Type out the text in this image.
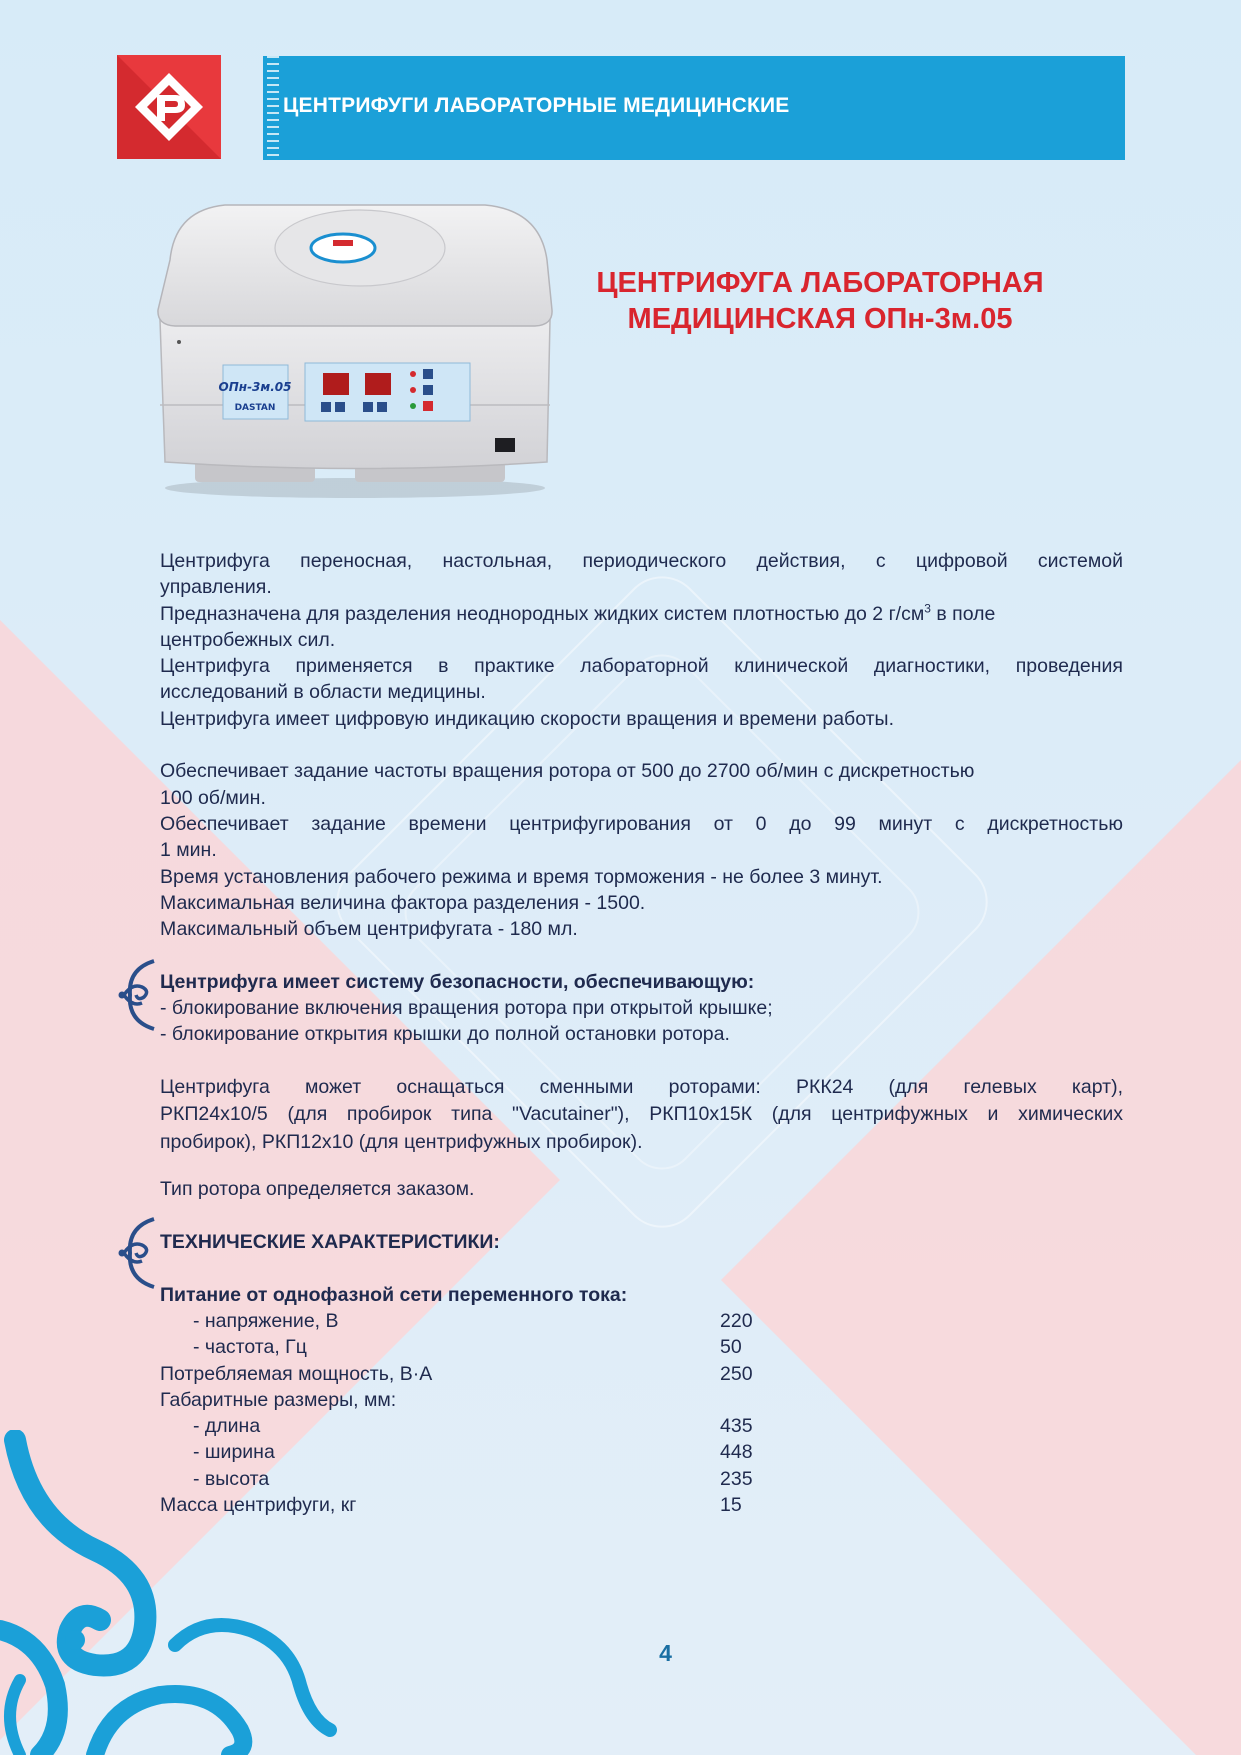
ЦЕНТРИФУГИ ЛАБОРАТОРНЫЕ МЕДИЦИНСКИЕ
ОПн-3м.05
DASTAN
ЦЕНТРИФУГА ЛАБОРАТОРНАЯ
МЕДИЦИНСКАЯ ОПн-3м.05

Центрифуга переносная, настольная, периодического действия, с цифровой системой

управления.

Предназначена для разделения неоднородных жидких систем плотностью до 2 $г/см^3$ в поле

центробежных сил.

Центрифуга применяется в практике лабораторной клинической диагностики, проведения

исследований в области медицины.

Центрифуга имеет цифровую индикацию скорости вращения и времени работы.

Обеспечивает задание частоты вращения ротора от 500 до 2700 об/мин с дискретностью

100 об/мин.

Обеспечивает задание времени центрифугирования от 0 до 99 минут с дискретностью

1 мин.

Время установления рабочего режима и время торможения - не более 3 минут.

Максимальная величина фактора разделения - 1500.

Максимальный объем центрифугата - 180 мл.

Центрифуга имеет систему безопасности, обеспечивающую:

- блокирование включения вращения ротора при открытой крышке;

- блокирование открытия крышки до полной остановки ротора.

Центрифуга может оснащаться сменными роторами: РКК24 (для гелевых карт),

РКП24х10/5 (для пробирок типа "Vacutainer"), РКП10х15К (для центрифужных и химических

пробирок), РКП12х10 (для центрифужных пробирок).

Тип ротора определяется заказом.

ТЕХНИЧЕСКИЕ ХАРАКТЕРИСТИКИ:

Питание от однофазной сети переменного тока:

- напряжение, В	220
- частота, Гц	50
Потребляемая мощность, В·А	250
Габаритные размеры, мм:
- длина	435
- ширина	448
- высота	235
Масса центрифуги, кг	15
4
